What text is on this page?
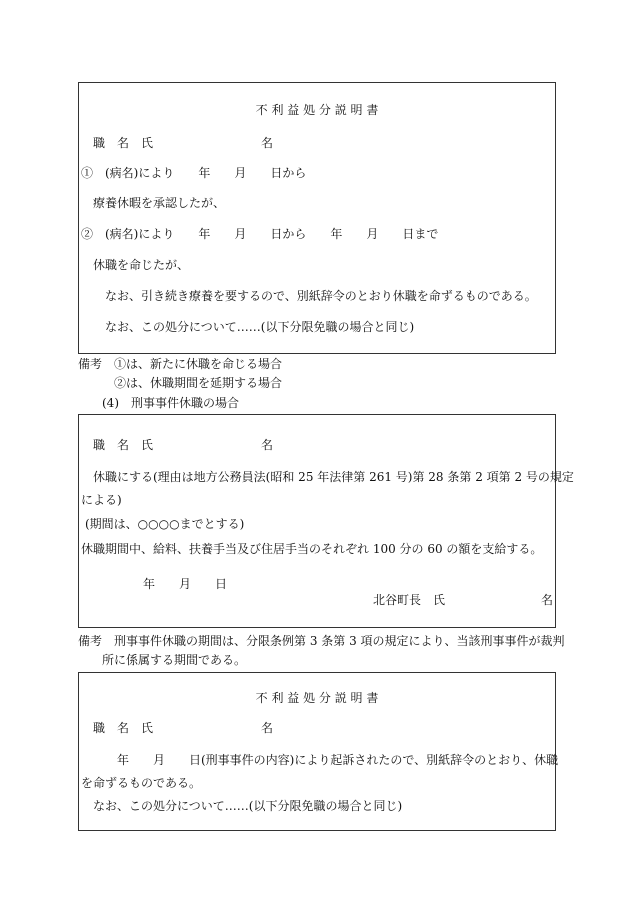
不 利 益 処 分 説 明 書
職　名　氏　　　　　　　　　名
①　(病名)により　　年　　月　　日から
療養休暇を承認したが、
②　(病名)により　　年　　月　　日から　　年　　月　　日まで
休職を命じたが、
なお、引き続き療養を要するので、別紙辞令のとおり休職を命ずるものである。
なお、この処分について……(以下分限免職の場合と同じ)
備考　①は、新たに休職を命じる場合
②は、休職期間を延期する場合
(4)　刑事事件休職の場合
職　名　氏　　　　　　　　　名
休職にする(理由は地方公務員法(昭和 25 年法律第 261 号)第 28 条第 2 項第 2 号の規定
による)
(期間は、○○○○までとする)
休職期間中、給料、扶養手当及び住居手当のそれぞれ 100 分の 60 の額を支給する。
年　　月　　日
北谷町長　氏　　　　　　　　名
備考　刑事事件休職の期間は、分限条例第 3 条第 3 項の規定により、当該刑事事件が裁判
所に係属する期間である。
不 利 益 処 分 説 明 書
職　名　氏　　　　　　　　　名
年　　月　　日(刑事事件の内容)により起訴されたので、別紙辞令のとおり、休職
を命ずるものである。
なお、この処分について……(以下分限免職の場合と同じ)
